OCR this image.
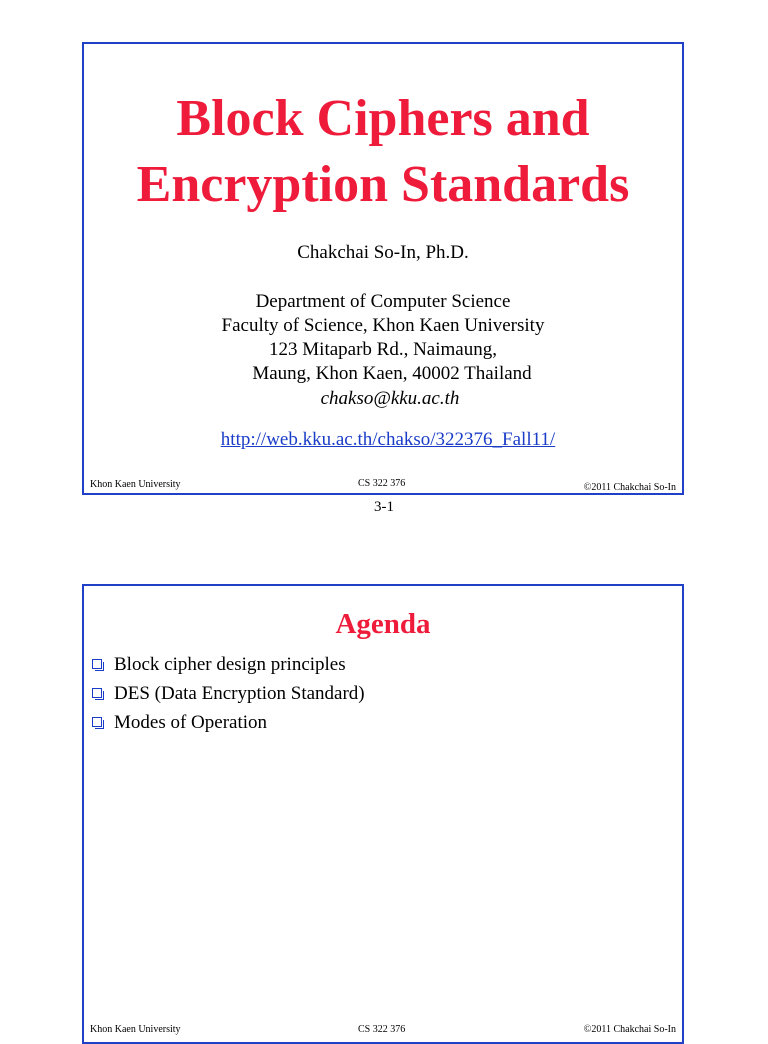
Block Ciphers and
Encryption Standards
Chakchai So-In, Ph.D.
Department of Computer Science
Faculty of Science, Khon Kaen University
123 Mitaparb Rd., Naimaung,
Maung, Khon Kaen, 40002 Thailand
chakso@kku.ac.th
http://web.kku.ac.th/chakso/322376_Fall11/
Khon Kaen University	CS 322 376	©2011 Chakchai So-In
3-1
Agenda
Block cipher design principles
DES (Data Encryption Standard)
Modes of Operation
Khon Kaen University	CS 322 376	©2011 Chakchai So-In
